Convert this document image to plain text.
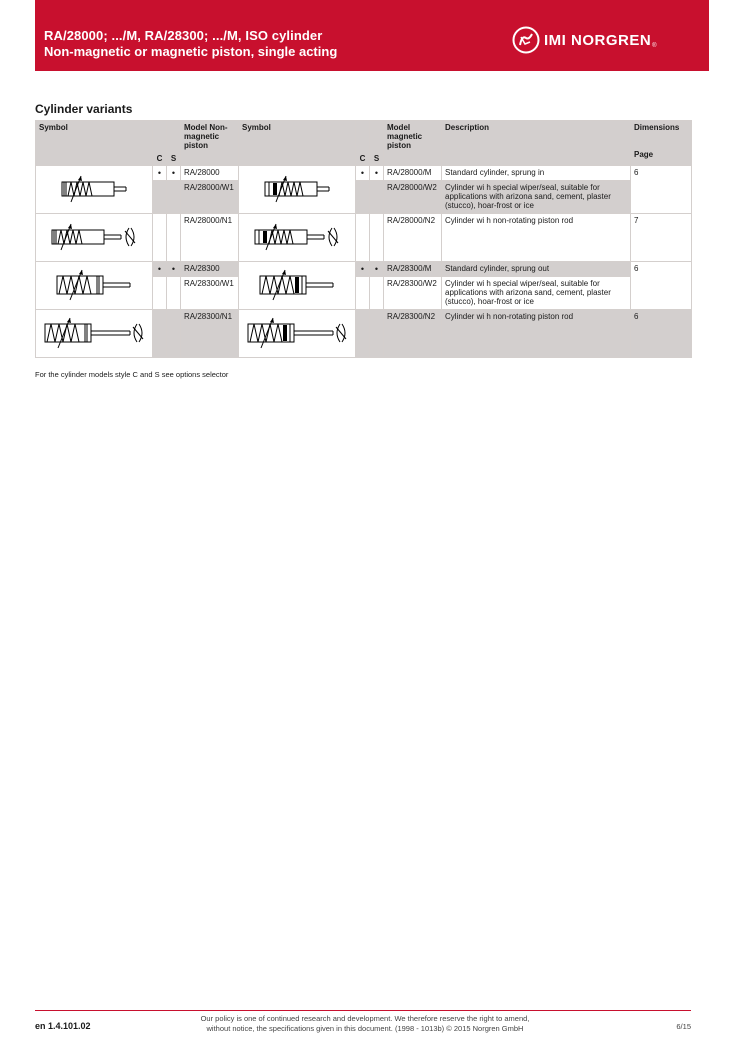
RA/28000; .../M, RA/28300; .../M, ISO cylinder
Non-magnetic or magnetic piston, single acting
IMI NORGREN ®
Cylinder variants
Symbol	C	S	Model Non-magnetic piston	Symbol	C	S	Model magnetic piston	Description	Dimensions
Page

	•	•	RA/28000		•	•	RA/28000/M	Standard cylinder, sprung in	6
			RA/28000/W1				RA/28000/W2	Cylinder wi h special wiper/seal, suitable for applications with arizona sand, cement, plaster (stucco), hoar-frost or ice	

			RA/28000/N1				RA/28000/N2	Cylinder wi h non-rotating piston rod	7

	•	•	RA/28300		•	•	RA/28300/M	Standard cylinder, sprung out	6
			RA/28300/W1				RA/28300/W2	Cylinder wi h special wiper/seal, suitable for applications with arizona sand, cement, plaster (stucco), hoar-frost or ice	

			RA/28300/N1				RA/28300/N2	Cylinder wi h non-rotating piston rod	6
For the cylinder models style C and S see options selector
en 1.4.101.02
Our policy is one of continued research and development. We therefore reserve the right to amend,
without notice, the specifications given in this document. (1998 - 1013b) © 2015 Norgren GmbH	6/15
